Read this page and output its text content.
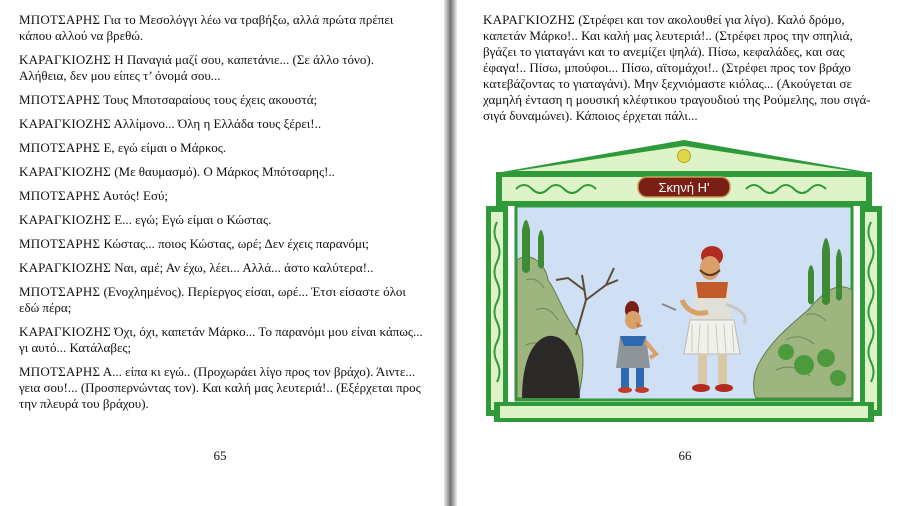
ΜΠΟΤΣΑΡΗΣ Για το Μεσολόγγι λέω να τραβήξω, αλλά πρώτα πρέπει κάπου αλλού να βρεθώ.

ΚΑΡΑΓΚΙΟΖΗΣ Η Παναγιά μαζί σου, καπετάνιε... (Σε άλλο τόνο). Αλήθεια, δεν μου είπες τ’ όνομά σου...

ΜΠΟΤΣΑΡΗΣ Τους Μποτσαραίους τους έχεις ακουστά;

ΚΑΡΑΓΚΙΟΖΗΣ Αλλίμονο... Όλη η Ελλάδα τους ξέρει!..

ΜΠΟΤΣΑΡΗΣ Ε, εγώ είμαι ο Μάρκος.

ΚΑΡΑΓΚΙΟΖΗΣ (Με θαυμασμό). Ο Μάρκος Μπότσαρης!..

ΜΠΟΤΣΑΡΗΣ Αυτός! Εσύ;

ΚΑΡΑΓΚΙΟΖΗΣ Ε... εγώ; Εγώ είμαι ο Κώστας.

ΜΠΟΤΣΑΡΗΣ Κώστας... ποιος Κώστας, ωρέ; Δεν έχεις παρανόμι;

ΚΑΡΑΓΚΙΟΖΗΣ Ναι, αμέ; Αν έχω, λέει... Αλλά... άστο καλύτερα!..

ΜΠΟΤΣΑΡΗΣ (Ενοχλημένος). Περίεργος είσαι, ωρέ... Έτσι είσαστε όλοι εδώ πέρα;

ΚΑΡΑΓΚΙΟΖΗΣ Όχι, όχι, καπετάν Μάρκο... Το παρανόμι μου είναι κάπως... γι αυτό... Κατάλαβες;

ΜΠΟΤΣΑΡΗΣ Α... είπα κι εγώ.. (Προχωράει λίγο προς τον βράχο). Άιντε... γεια σου!... (Προσπερνώντας τον). Και καλή μας λευτεριά!.. (Εξέρχεται προς την πλευρά του βράχου).

65

ΚΑΡΑΓΚΙΟΖΗΣ (Στρέφει και τον ακολουθεί για λίγο). Καλό δρόμο, καπετάν Μάρκο!.. Και καλή μας λευτεριά!.. (Στρέφει προς την σπηλιά, βγάζει το γιαταγάνι και το ανεμίζει ψηλά). Πίσω, κεφαλάδες, και σας έφαγα!.. Πίσω, μπούφοι... Πίσω, αϊτομάχοι!.. (Στρέφει προς τον βράχο κατεβάζοντας το γιαταγάνι). Μην ξεχνιόμαστε κιόλας... (Ακούγεται σε χαμηλή ένταση η μουσική κλέφτικου τραγουδιού της Ρούμελης, που σιγά-σιγά δυναμώνει). Κάποιος έρχεται πάλι...

Σκηνή Η'
66
